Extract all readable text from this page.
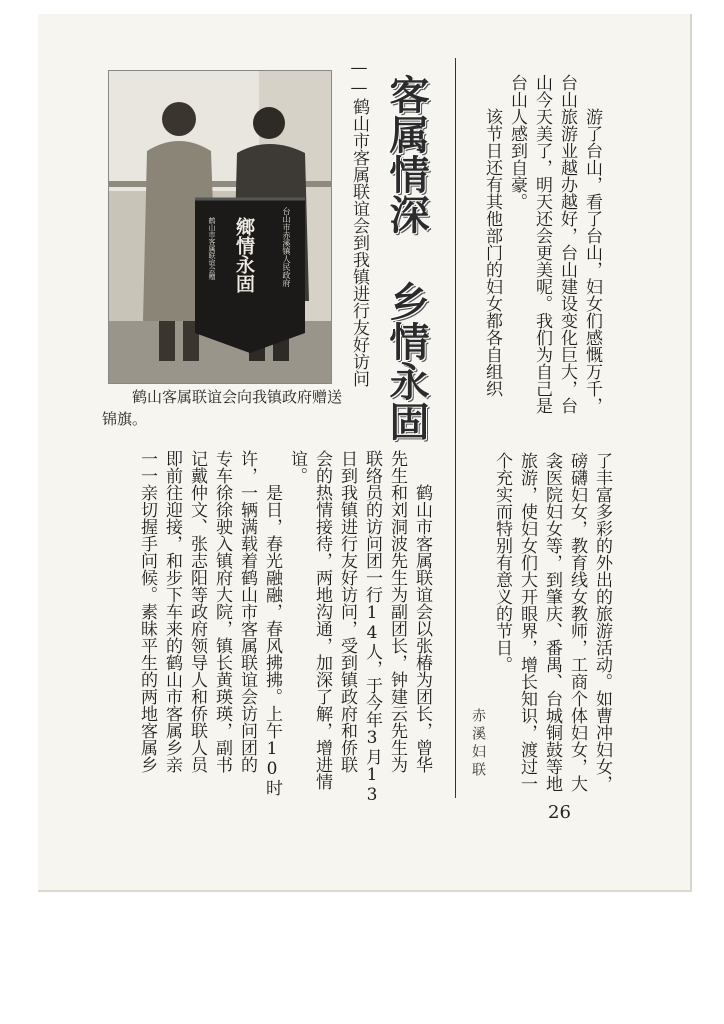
台山市赤溪镇人民政府
鄉情永固
鹤山市客属联谊会赠
鹤山客属联谊会向我镇政府赠送锦旗。	客属情深 乡情永固
——鹤山市客属联谊会到我镇进行友好访问
鹤山市客属联谊会以张椿为团长，曾华
先生和刘洞波先生为副团长，钟建云先生为
联络员的访问团一行14人，于今年3月13
日到我镇进行友好访问，受到镇政府和侨联
会的热情接待，两地沟通，加深了解，增进情
谊。
是日，春光融融，春风拂拂。上午10时
许，一辆满载着鹤山市客属联谊会访问团的
专车徐徐驶入镇府大院，镇长黄瑛瑛，副书
记戴仲文、张志阳等政府领导人和侨联人员
即前往迎接，和步下车来的鹤山市客属乡亲
一一亲切握手问候。素昧平生的两地客属乡
游了台山，看了台山，妇女们感慨万千，
台山旅游业越办越好，台山建设变化巨大，台
山今天美了，明天还会更美呢。我们为自己是
台山人感到自豪。
该节日还有其他部门的妇女都各自组织
了丰富多彩的外出的旅游活动。如曹冲妇女，
磅礴妇女，教育线女教师，工商个体妇女，大
衾医院妇女等，到肇庆、番禺、台城铜鼓等地
旅游，使妇女们大开眼界，增长知识，渡过一
个充实而特别有意义的节日。
赤溪妇联
26
